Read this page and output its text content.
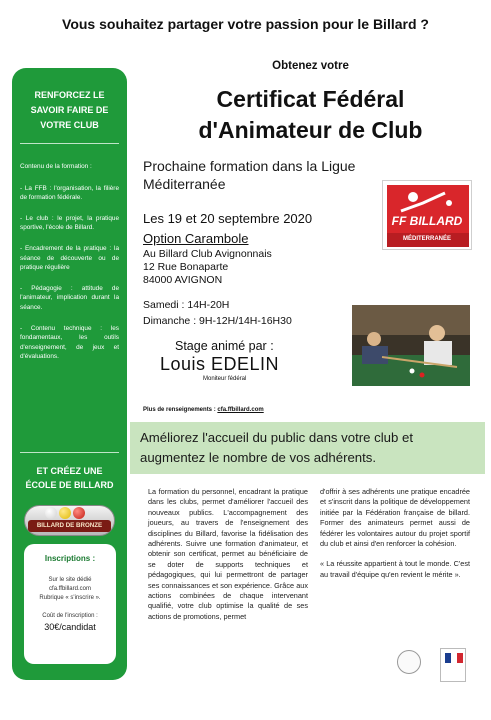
Vous souhaitez partager votre passion pour le Billard ?
RENFORCEZ LE
SAVOIR FAIRE DE
VOTRE CLUB
Contenu de la formation :
- La FFB : l'organisation, la filière de formation fédérale.
- Le club : le projet, la pratique sportive, l'école de Billard.
- Encadrement de la pratique : la séance de découverte ou de pratique régulière
- Pédagogie : attitude de l'animateur, implication durant la séance.
- Contenu technique : les fondamentaux, les outils d'enseignement, de jeux et d'évaluations.
ET CRÉEZ UNE
ÉCOLE DE BILLARD
BILLARD DE BRONZE
Inscriptions :
Sur le site dédié
cfa.ffbillard.com
Rubrique « s'inscrire ».
Coût de l'inscription :
30€/candidat
Obtenez votre
Certificat Fédéral
d'Animateur de Club
Prochaine formation dans la Ligue Méditerranée
FF BILLARD
MÉDITERRANÉE
Les 19 et 20 septembre 2020
Option Carambole
Au Billard Club Avignonnais
12 Rue Bonaparte
84000 AVIGNON
Samedi : 14H-20H
Dimanche : 9H-12H/14H-16H30
Stage animé par :
Louis EDELIN
Moniteur fédéral
Plus de renseignements : cfa.ffbillard.com
Améliorez l'accueil du public dans votre club et augmentez le nombre de vos adhérents.
La formation du personnel, encadrant la pratique dans les clubs, permet d'améliorer l'accueil des nouveaux publics. L'accompagnement des joueurs, au travers de l'enseignement des disciplines du Billard, favorise la fidélisation des adhérents. Suivre une formation d'animateur, et obtenir son certificat, permet au bénéficiaire de se doter de supports techniques et pédagogiques, qui lui permettront de partager ses connaissances et son expérience. Grâce aux actions combinées de chaque intervenant qualifié, votre club optimise la qualité de ses actions de promotions, permet

d'offrir à ses adhérents une pratique encadrée et s'inscrit dans la politique de développement initiée par la Fédération française de billard. Former des animateurs permet aussi de fédérer les volontaires autour du projet sportif du club et ainsi d'en renforcer la cohésion.

« La réussite appartient à tout le monde. C'est au travail d'équipe qu'en revient le mérite ».
